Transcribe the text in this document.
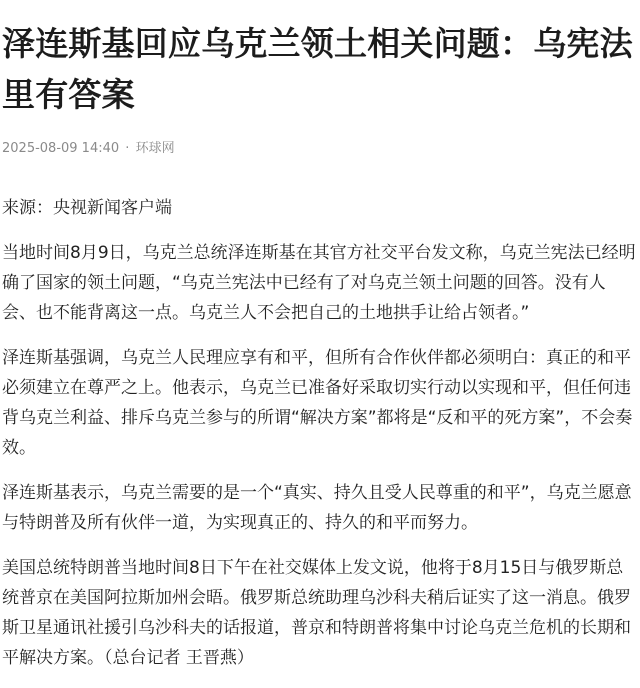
泽连斯基回应乌克兰领土相关问题：乌宪法里有答案
2025-08-09 14:40 · 环球网

来源：央视新闻客户端

当地时间8月9日，乌克兰总统泽连斯基在其官方社交平台发文称，乌克兰宪法已经明确了国家的领土问题，“乌克兰宪法中已经有了对乌克兰领土问题的回答。没有人会、也不能背离这一点。乌克兰人不会把自己的土地拱手让给占领者。”

泽连斯基强调，乌克兰人民理应享有和平，但所有合作伙伴都必须明白：真正的和平必须建立在尊严之上。他表示，乌克兰已准备好采取切实行动以实现和平，但任何违背乌克兰利益、排斥乌克兰参与的所谓“解决方案”都将是“反和平的死方案”，不会奏效。

泽连斯基表示，乌克兰需要的是一个“真实、持久且受人民尊重的和平”，乌克兰愿意与特朗普及所有伙伴一道，为实现真正的、持久的和平而努力。

美国总统特朗普当地时间8日下午在社交媒体上发文说，他将于8月15日与俄罗斯总统普京在美国阿拉斯加州会晤。俄罗斯总统助理乌沙科夫稍后证实了这一消息。俄罗斯卫星通讯社援引乌沙科夫的话报道，普京和特朗普将集中讨论乌克兰危机的长期和平解决方案。（总台记者 王晋燕）
